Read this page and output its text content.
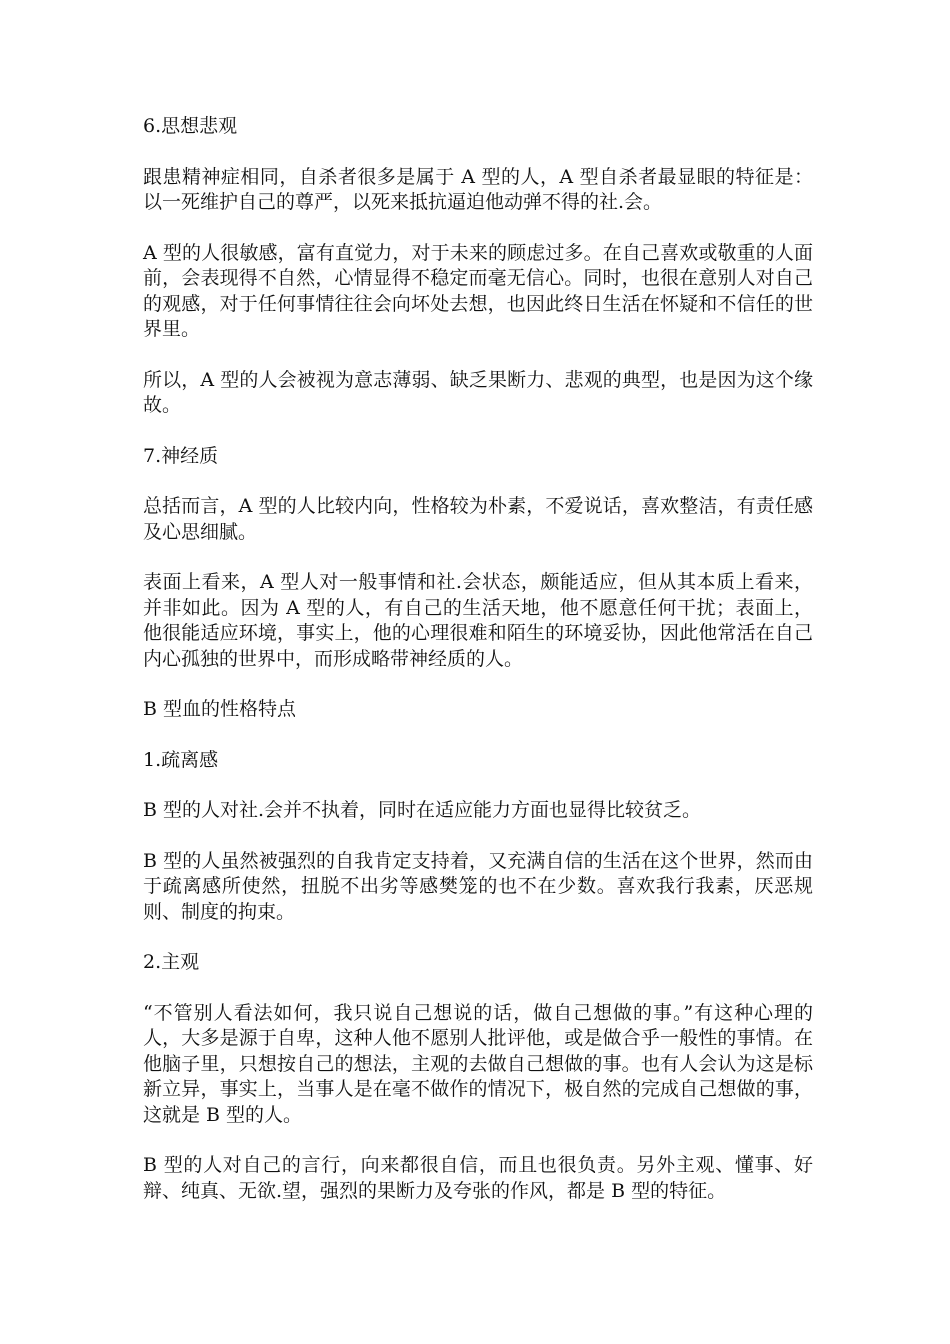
6.思想悲观

跟患精神症相同，自杀者很多是属于 A 型的人，A 型自杀者最显眼的特征是：以一死维护自己的尊严，以死来抵抗逼迫他动弹不得的社.会。

A 型的人很敏感，富有直觉力，对于未来的顾虑过多。在自己喜欢或敬重的人面前，会表现得不自然，心情显得不稳定而毫无信心。同时，也很在意别人对自己的观感，对于任何事情往往会向坏处去想，也因此终日生活在怀疑和不信任的世界里。

所以，A 型的人会被视为意志薄弱、缺乏果断力、悲观的典型，也是因为这个缘故。

7.神经质

总括而言，A 型的人比较内向，性格较为朴素，不爱说话，喜欢整洁，有责任感及心思细腻。

表面上看来，A 型人对一般事情和社.会状态，颇能适应，但从其本质上看来，并非如此。因为 A 型的人，有自己的生活天地，他不愿意任何干扰；表面上，他很能适应环境，事实上，他的心理很难和陌生的环境妥协，因此他常活在自己内心孤独的世界中，而形成略带神经质的人。

B 型血的性格特点

1.疏离感

B 型的人对社.会并不执着，同时在适应能力方面也显得比较贫乏。

B 型的人虽然被强烈的自我肯定支持着，又充满自信的生活在这个世界，然而由于疏离感所使然，扭脱不出劣等感樊笼的也不在少数。喜欢我行我素，厌恶规则、制度的拘束。

2.主观

“不管别人看法如何，我只说自己想说的话，做自己想做的事。”有这种心理的人，大多是源于自卑，这种人他不愿别人批评他，或是做合乎一般性的事情。在他脑子里，只想按自己的想法，主观的去做自己想做的事。也有人会认为这是标新立异，事实上，当事人是在毫不做作的情况下，极自然的完成自己想做的事，这就是 B 型的人。

B 型的人对自己的言行，向来都很自信，而且也很负责。另外主观、懂事、好辩、纯真、无欲.望，强烈的果断力及夸张的作风，都是 B 型的特征。
